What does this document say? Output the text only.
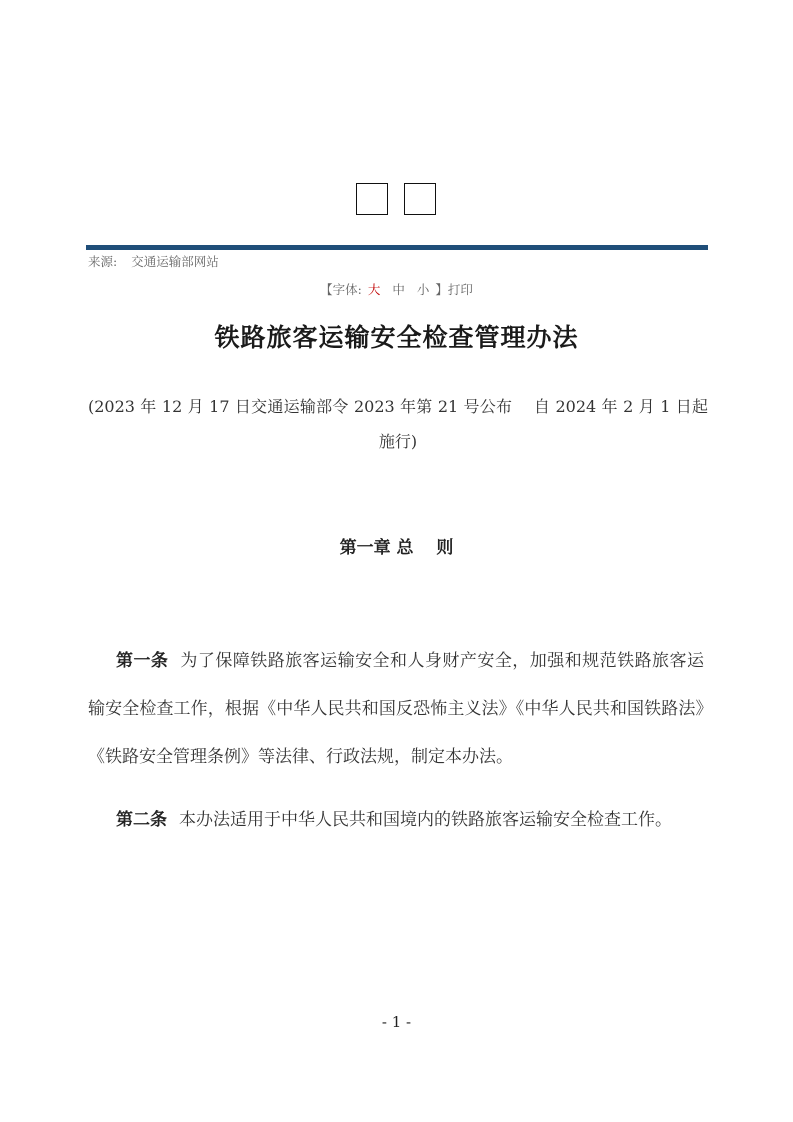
来源: 交通运输部网站
【字体: 大 中 小 】打印
铁路旅客运输安全检查管理办法
(2023 年 12 月 17 日交通运输部令 2023 年第 21 号公布　 自 2024 年 2 月 1 日起施行)
第一章 总　 则
第一条 为了保障铁路旅客运输安全和人身财产安全，加强和规范铁路旅客运输安全检查工作，根据《中华人民共和国反恐怖主义法》《中华人民共和国铁路法》《铁路安全管理条例》等法律、行政法规，制定本办法。
第二条 本办法适用于中华人民共和国境内的铁路旅客运输安全检查工作。
- 1 -
